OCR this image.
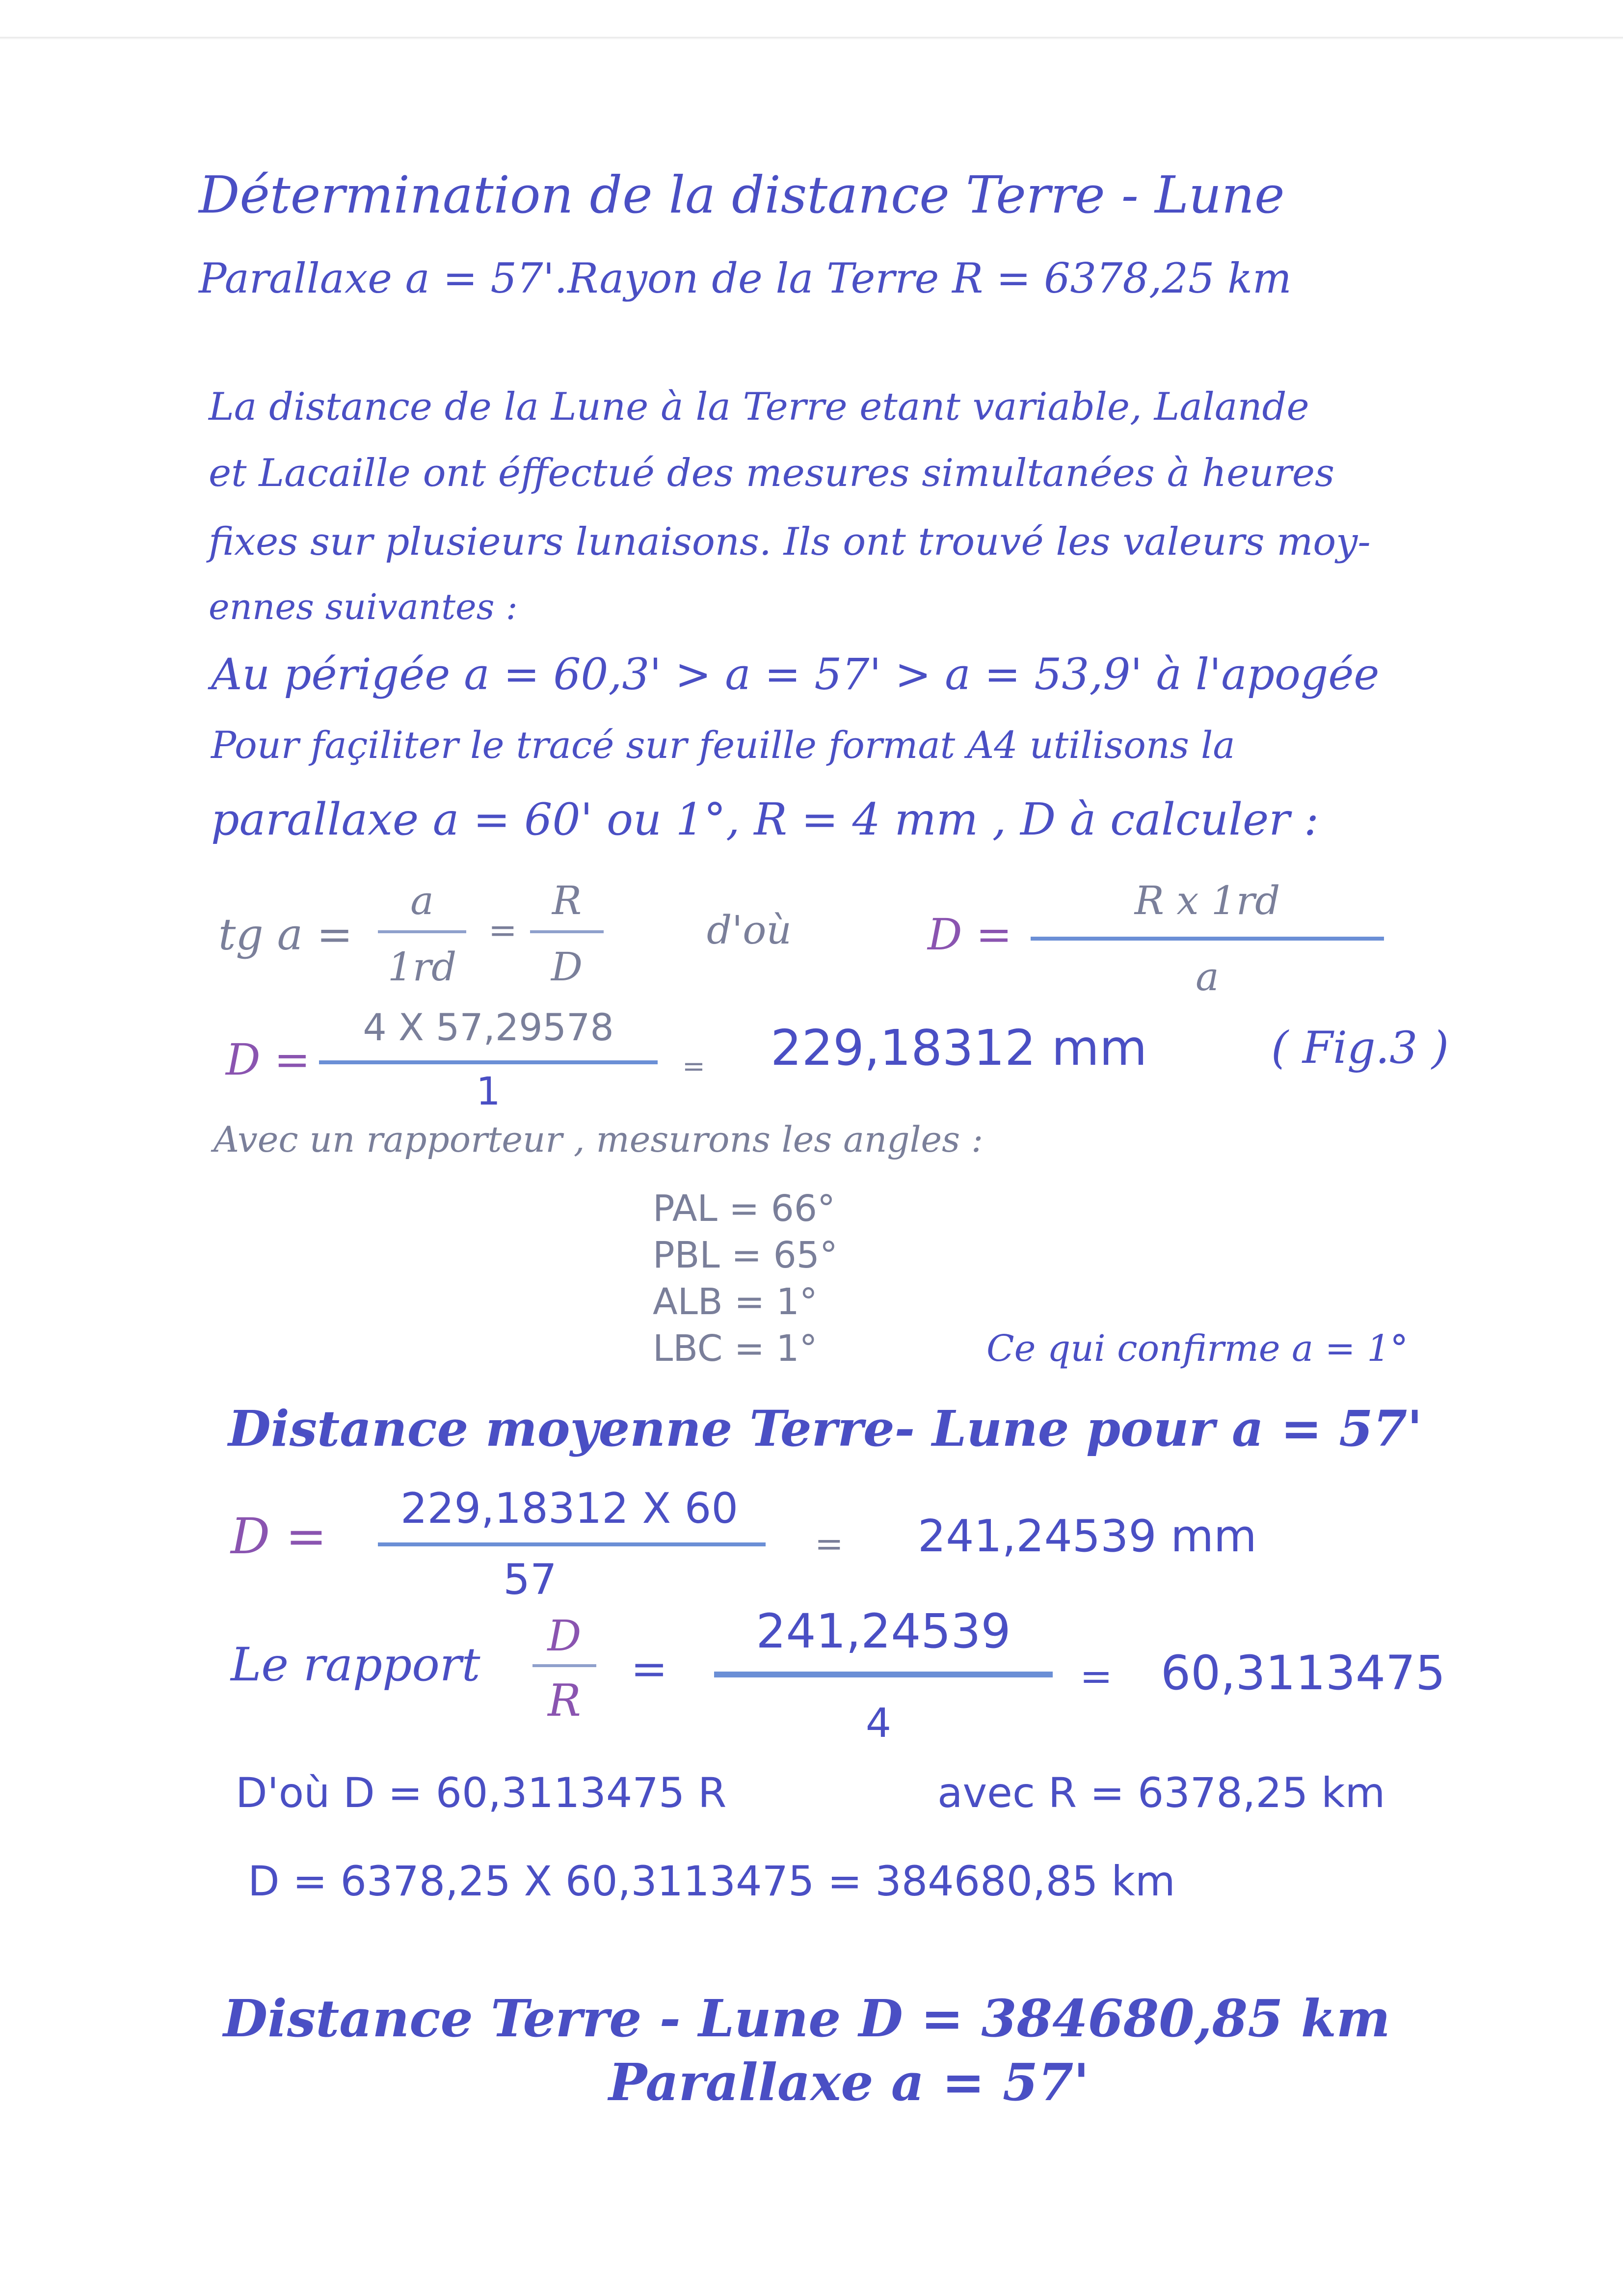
Détermination de la distance Terre - Lune
Parallaxe a = 57'.Rayon de la Terre R = 6378,25 km
La distance de la Lune à la Terre etant variable, Lalande
et Lacaille ont éffectué des mesures simultanées à heures
fixes sur plusieurs lunaisons. Ils ont trouvé les valeurs moy-
ennes suivantes :
Au périgée a = 60,3' > a = 57' > a = 53,9' à l'apogée
Pour façiliter le tracé sur feuille format A4 utilisons la
parallaxe a = 60' ou 1°, R = 4 mm , D à calculer :
tg a =
a
1rd
=
R
D
d'où	D =
R x 1rd
a
D =
4 X 57,29578
1
= 229,18312 mm	( Fig.3 )
Avec un rapporteur , mesurons les angles :
PAL = 66°
PBL = 65°
ALB = 1°
LBC = 1°	Ce qui confirme a = 1°
Distance moyenne Terre- Lune pour a = 57'
D =	229,18312 X 60
57
= 241,24539 mm
Le rapport
D
R
=
241,24539
4
= 60,3113475
D'où D = 60,3113475 R	avec R = 6378,25 km
D = 6378,25 X 60,3113475 = 384680,85 km
Distance Terre - Lune D = 384680,85 km
Parallaxe a = 57'
